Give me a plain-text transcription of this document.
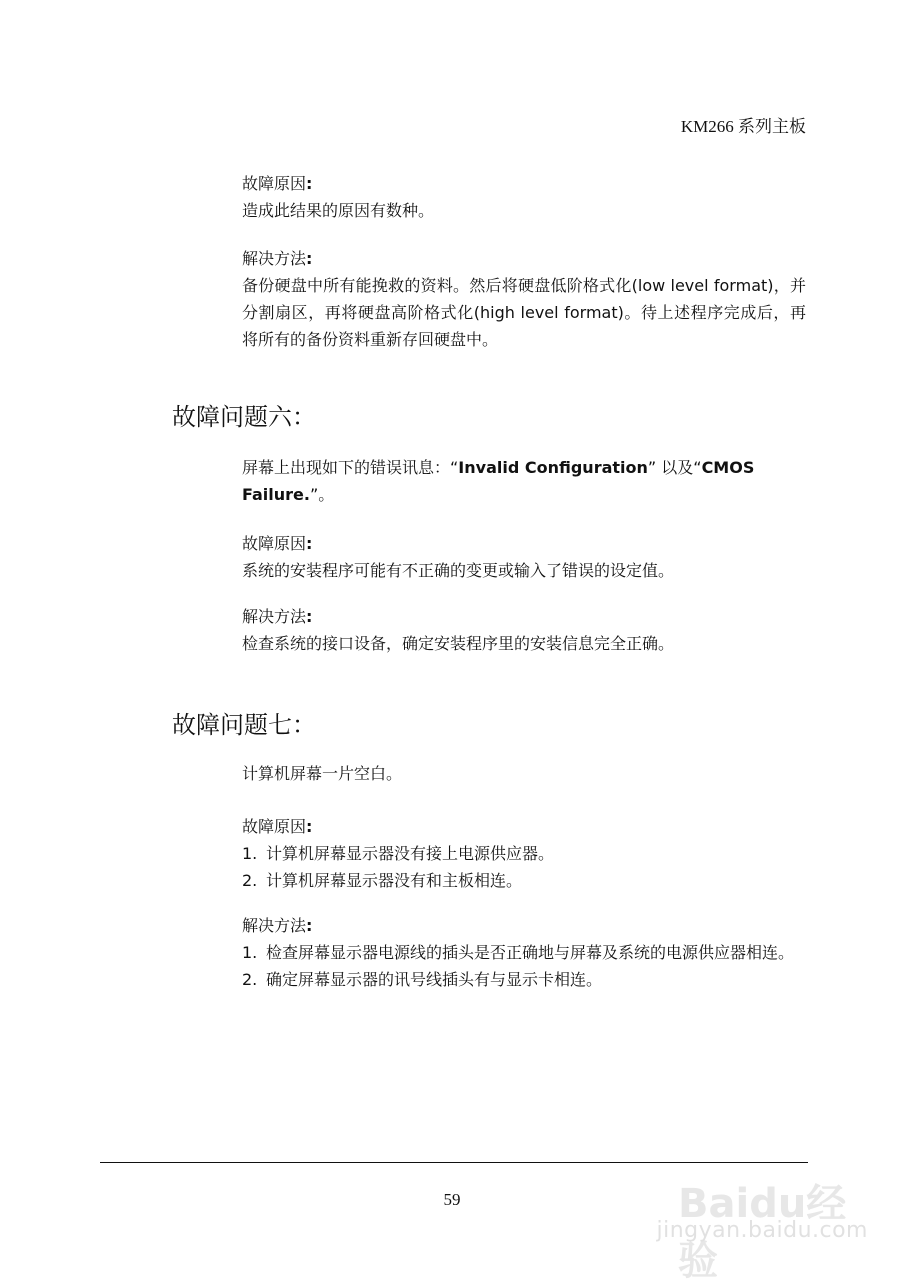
KM266 系列主板
故障原因:

造成此结果的原因有数种。

解决方法:

备份硬盘中所有能挽救的资料。然后将硬盘低阶格式化(low level format)，并分割扇区，再将硬盘高阶格式化(high level format)。待上述程序完成后，再将所有的备份资料重新存回硬盘中。

故障问题六：

屏幕上出现如下的错误讯息：“Invalid Configuration” 以及“CMOS Failure.”。

故障原因:

系统的安装程序可能有不正确的变更或输入了错误的设定值。

解决方法:

检查系统的接口设备，确定安装程序里的安装信息完全正确。

故障问题七：

计算机屏幕一片空白。

故障原因:
1. 计算机屏幕显示器没有接上电源供应器。
2. 计算机屏幕显示器没有和主板相连。
解决方法:
1. 检查屏幕显示器电源线的插头是否正确地与屏幕及系统的电源供应器相连。
2. 确定屏幕显示器的讯号线插头有与显示卡相连。
59	Baidu经验
jingyan.baidu.com
